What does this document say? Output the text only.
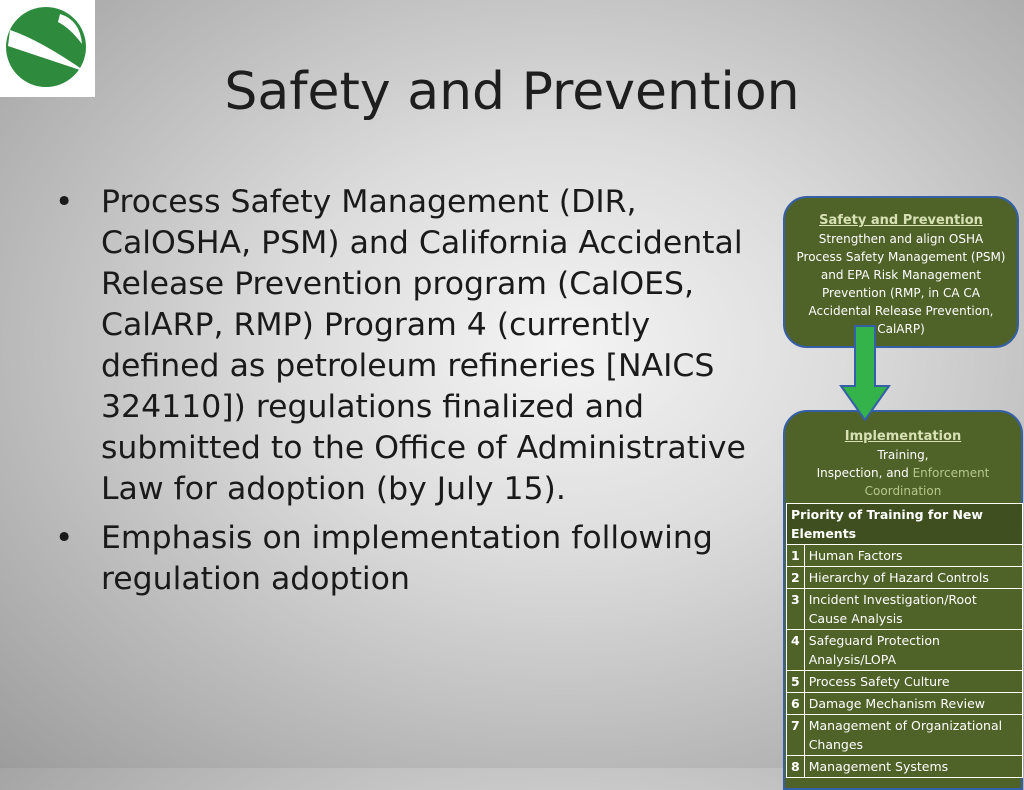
Safety and Prevention
• Process Safety Management (DIR, CalOSHA, PSM) and California Accidental Release Prevention program (CalOES, CalARP, RMP) Program 4 (currently defined as petroleum refineries [NAICS 324110]) regulations finalized and submitted to the Office of Administrative Law for adoption (by July 15).
• Emphasis on implementation following regulation adoption
Safety and Prevention
Strengthen and align OSHA Process Safety Management (PSM) and EPA Risk Management Prevention (RMP, in CA CA Accidental Release Prevention, CalARP)
Implementation
Training,
Inspection, and Enforcement
Coordination
Priority of Training for New Elements	
1	Human Factors
2	Hierarchy of Hazard Controls
3	Incident Investigation/Root Cause Analysis
4	Safeguard Protection Analysis/LOPA
5	Process Safety Culture
6	Damage Mechanism Review
7	Management of Organizational Changes
8	Management Systems
